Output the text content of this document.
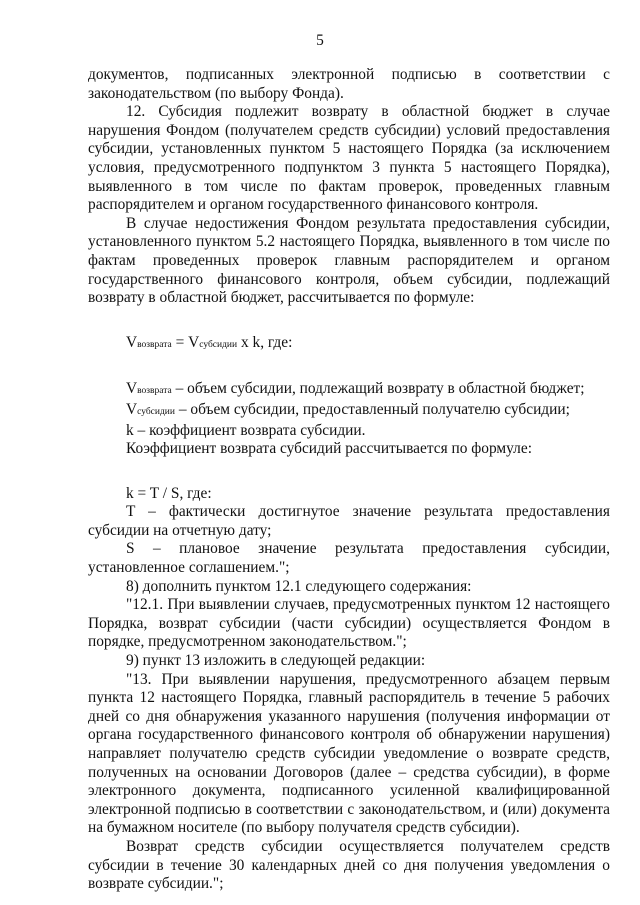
5

документов, подписанных электронной подписью в соответствии с законодательством (по выбору Фонда).

12. Субсидия подлежит возврату в областной бюджет в случае нарушения Фондом (получателем средств субсидии) условий предоставления субсидии, установленных пунктом 5 настоящего Порядка (за исключением условия, предусмотренного подпунктом 3 пункта 5 настоящего Порядка), выявленного в том числе по фактам проверок, проведенных главным распорядителем и органом государственного финансового контроля.

В случае недостижения Фондом результата предоставления субсидии, установленного пунктом 5.2 настоящего Порядка, выявленного в том числе по фактам проведенных проверок главным распорядителем и органом государственного финансового контроля, объем субсидии, подлежащий возврату в областной бюджет, рассчитывается по формуле:

Vвозврата = Vсубсидии x k, где:

Vвозврата – объем субсидии, подлежащий возврату в областной бюджет;

Vсубсидии – объем субсидии, предоставленный получателю субсидии;

k – коэффициент возврата субсидии.

Коэффициент возврата субсидий рассчитывается по формуле:

k = T / S, где:

T – фактически достигнутое значение результата предоставления субсидии на отчетную дату;

S – плановое значение результата предоставления субсидии, установленное соглашением.";

8) дополнить пунктом 12.1 следующего содержания:

"12.1. При выявлении случаев, предусмотренных пунктом 12 настоящего Порядка, возврат субсидии (части субсидии) осуществляется Фондом в порядке, предусмотренном законодательством.";

9) пункт 13 изложить в следующей редакции:

"13. При выявлении нарушения, предусмотренного абзацем первым пункта 12 настоящего Порядка, главный распорядитель в течение 5 рабочих дней со дня обнаружения указанного нарушения (получения информации от органа государственного финансового контроля об обнаружении нарушения) направляет получателю средств субсидии уведомление о возврате средств, полученных на основании Договоров (далее – средства субсидии), в форме электронного документа, подписанного усиленной квалифицированной электронной подписью в соответствии с законодательством, и (или) документа на бумажном носителе (по выбору получателя средств субсидии).

Возврат средств субсидии осуществляется получателем средств субсидии в течение 30 календарных дней со дня получения уведомления о возврате субсидии.";
